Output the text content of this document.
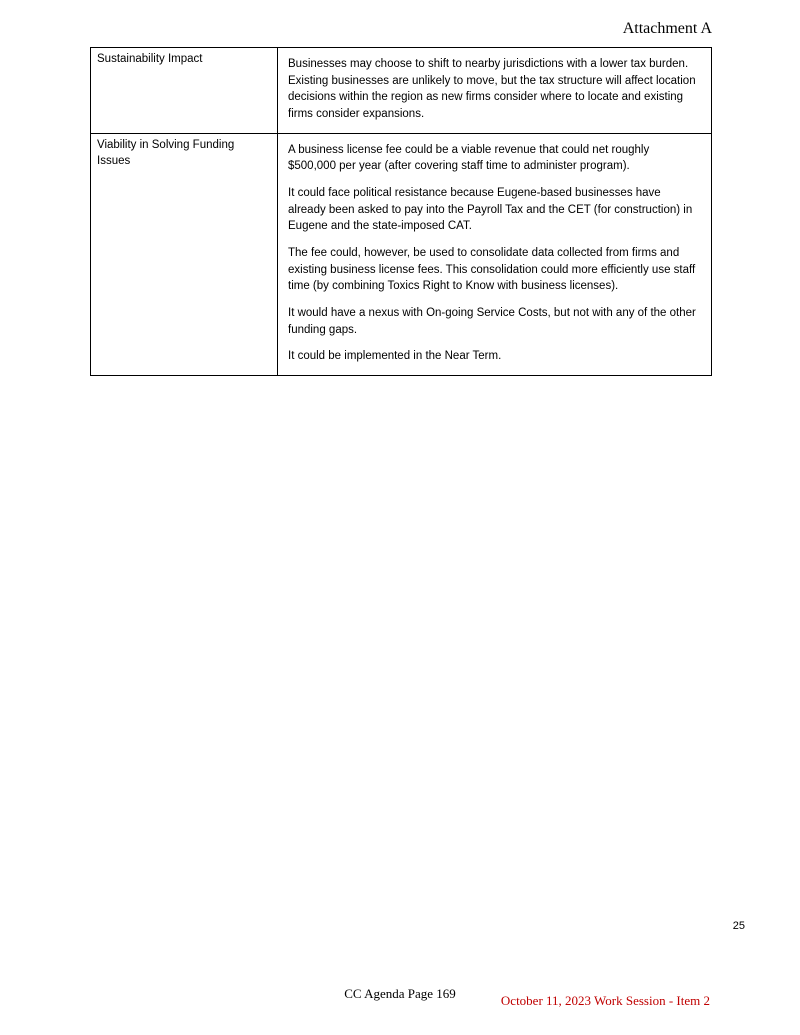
Attachment A
Sustainability Impact	Businesses may choose to shift to nearby jurisdictions with a lower tax burden. Existing businesses are unlikely to move, but the tax structure will affect location decisions within the region as new firms consider where to locate and existing firms consider expansions.

Viability in Solving Funding Issues	A business license fee could be a viable revenue that could net roughly $500,000 per year (after covering staff time to administer program).

It could face political resistance because Eugene-based businesses have already been asked to pay into the Payroll Tax and the CET (for construction) in Eugene and the state-imposed CAT.

The fee could, however, be used to consolidate data collected from firms and existing business license fees. This consolidation could more efficiently use staff time (by combining Toxics Right to Know with business licenses).

It would have a nexus with On-going Service Costs, but not with any of the other funding gaps.

It could be implemented in the Near Term.

25
CC Agenda Page 169	October 11, 2023 Work Session - Item 2
